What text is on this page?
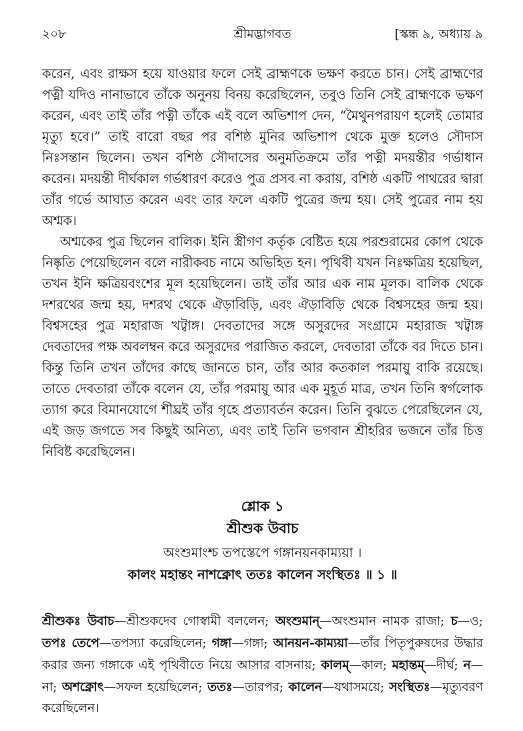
২০৮	শ্রীমদ্ভাগবত	[স্কন্ধ ৯, অধ্যায় ৯

করেন, এবং রাক্ষস হয়ে যাওয়ার ফলে সেই ব্রাহ্মণকে ভক্ষণ করতে চান। সেই ব্রাহ্মণের পত্নী যদিও নানাভাবে তাঁকে অনুনয় বিনয় করেছিলেন, তবুও তিনি সেই ব্রাহ্মণকে ভক্ষণ করেন, এবং তাই তাঁর পত্নী তাঁকে এই বলে অভিশাপ দেন, “মৈথুনপরায়ণ হলেই তোমার মৃত্যু হবে।” তাই বারো বছর পর বশিষ্ঠ মুনির অভিশাপ থেকে মুক্ত হলেও সৌদাস নিঃসন্তান ছিলেন। তখন বশিষ্ঠ সৌদাসের অনুমতিক্রমে তাঁর পত্নী মদয়ন্তীর গর্ভাধান করেন। মদয়ন্তী দীর্ঘকাল গর্ভধারণ করেও পুত্র প্রসব না করায়, বশিষ্ঠ একটি পাথরের দ্বারা তাঁর গর্ভে আঘাত করেন এবং তার ফলে একটি পুত্রের জন্ম হয়। সেই পুত্রের নাম হয় অশ্মক।

অশ্মকের পুত্র ছিলেন বালিক। ইনি স্ত্রীগণ কর্তৃক বেষ্টিত হয়ে পরশুরামের কোপ থেকে নিষ্কৃতি পেয়েছিলেন বলে নারীকবচ নামে অভিহিত হন। পৃথিবী যখন নিঃক্ষত্রিয় হয়েছিল, তখন ইনি ক্ষত্রিয়বংশের মূল হয়েছিলেন। তাই তাঁর আর এক নাম মূলক। বালিক থেকে দশরথের জন্ম হয়, দশরথ থেকে ঐড়াবিড়ি, এবং ঐড়াবিড়ি থেকে বিশ্বসহের জন্ম হয়। বিশ্বসহের পুত্র মহারাজ খট্বাঙ্গ। দেবতাদের সঙ্গে অসুরদের সংগ্রামে মহারাজ খট্বাঙ্গ দেবতাদের পক্ষ অবলম্বন করে অসুরদের পরাজিত করলে, দেবতারা তাঁকে বর দিতে চান। কিন্তু তিনি তখন তাঁদের কাছে জানতে চান, তাঁর আর কতকাল পরমায়ু বাকি রয়েছে। তাতে দেবতারা তাঁকে বলেন যে, তাঁর পরমায়ু আর এক মুহূর্ত মাত্র, তখন তিনি স্বর্গলোক ত্যাগ করে বিমানযোগে শীঘ্রই তাঁর গৃহে প্রত্যাবর্তন করেন। তিনি বুঝতে পেরেছিলেন যে, এই জড় জগতে সব কিছুই অনিত্য, এবং তাই তিনি ভগবান শ্রীহরির ভজনে তাঁর চিত্ত নিবিষ্ট করেছিলেন।

শ্লোক ১
শ্রীশুক উবাচ
অংশুমাংশ্চ তপস্তেপে গঙ্গানয়নকাম্যয়া ।
কালং মহান্তং নাশক্নোৎ ততঃ কালেন সংস্থিতঃ ॥ ১ ॥
শ্রীশুকঃ উবাচ—শ্রীশুকদেব গোস্বামী বললেন; অংশুমান্—অংশুমান নামক রাজা; চ—ও; তপঃ তেপে—তপস্যা করেছিলেন; গঙ্গা—গঙ্গা; আনয়ন-কাম্যয়া—তাঁর পিতৃপুরুষদের উদ্ধার করার জন্য গঙ্গাকে এই পৃথিবীতে নিয়ে আসার বাসনায়; কালম্—কাল; মহান্তম্—দীর্ঘ; ন—না; অশক্নোৎ—সফল হয়েছিলেন; ততঃ—তারপর; কালেন—যথাসময়ে; সংস্থিতঃ—মৃত্যুবরণ করেছিলেন।
